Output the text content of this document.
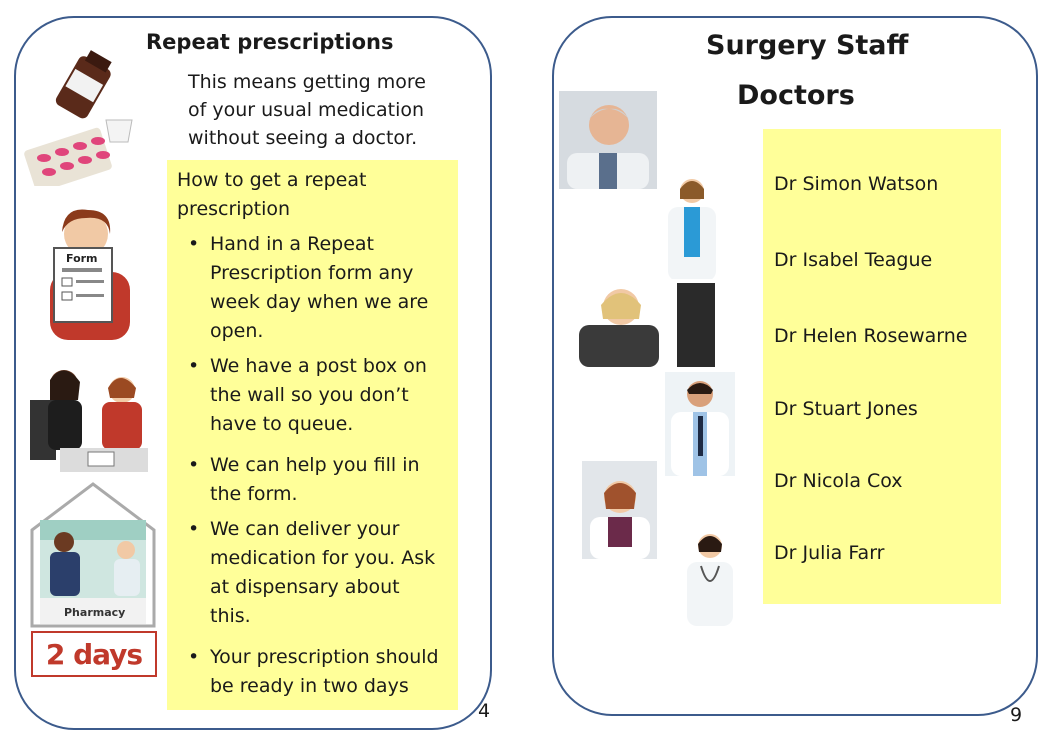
Repeat prescriptions
This means getting more
of your usual medication
without seeing a doctor.
How to get a repeat
prescription
• Hand in a Repeat
Prescription form any
week day when we are
open.
• We have a post box on
the wall so you don’t
have to queue.
• We can help you fill in
the form.
• We can deliver your
medication for you. Ask
at dispensary about
this.
• Your prescription should
be ready in two days
Form
Pharmacy
2 days
4
Surgery Staff
Doctors
Dr Simon Watson
Dr Isabel Teague
Dr Helen Rosewarne
Dr Stuart Jones
Dr Nicola Cox
Dr Julia Farr
9
